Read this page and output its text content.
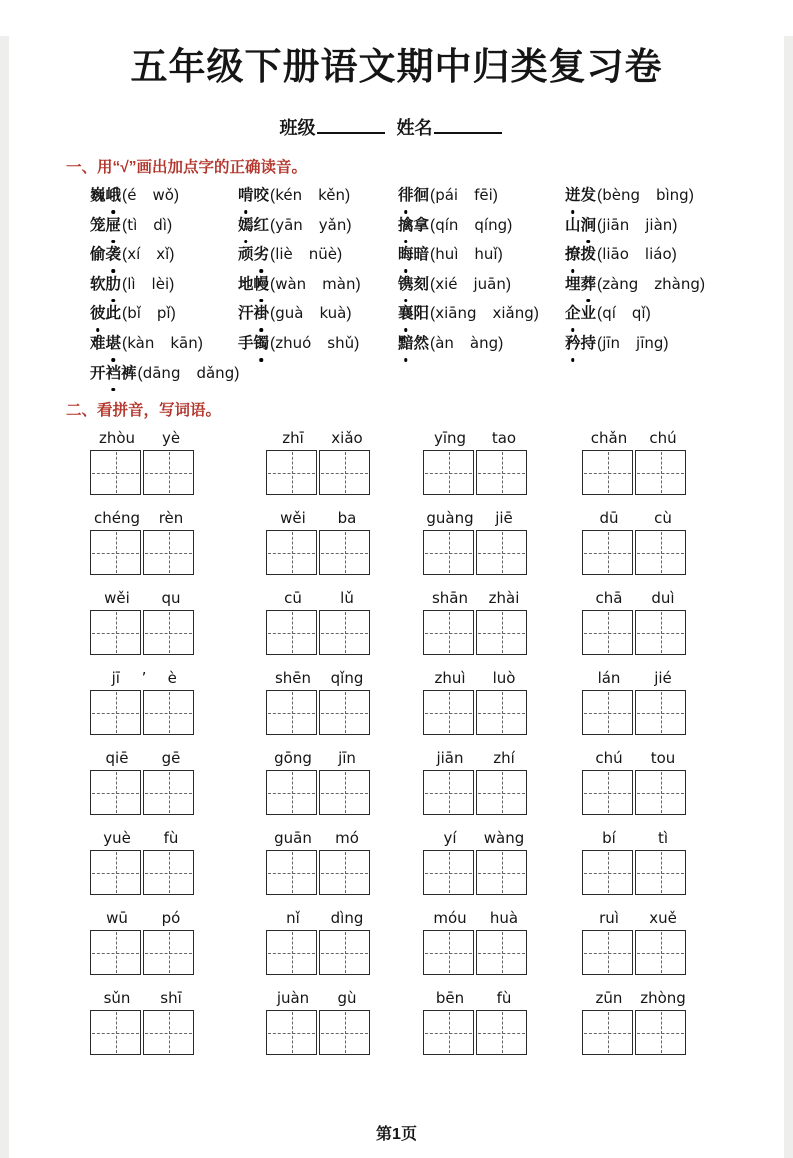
五年级下册语文期中归类复习卷
班级	姓名
一、用“√”画出加点字的正确读音。
巍峨(é wǒ)	啃咬(kén kěn)	徘徊(pái fēi)	迸发(bèng bìng)
笼屉(tì dì)	嫣红(yān yǎn)	擒拿(qín qíng)	山涧(jiān jiàn)
偷袭(xí xǐ)	顽劣(liè nüè)	晦暗(huì huǐ)	撩拨(liāo liáo)
软肋(lì lèi)	地幔(wàn màn)	镌刻(xié juān)	埋葬(zàng zhàng)
彼此(bǐ pǐ)	汗褂(guà kuà)	襄阳(xiāng xiǎng)	企业(qí qǐ)
难堪(kàn kān)	手镯(zhuó shǔ)	黯然(àn àng)	矜持(jīn jīng)
开裆裤(dāng dǎng)
二、看拼音，写词语。
zhòu	yè	zhī	xiǎo	yīng	tao	chǎn	chú
chéng	rèn	wěi	ba	guàng	jiē	dū	cù
wěi	qu	cū	lǔ	shān	zhài	chā	duì
jī	’	è	shēn	qǐng	zhuì	luò	lán	jié
qiē	gē	gōng	jīn	jiān	zhí	chú	tou
yuè	fù	guān	mó	yí	wàng	bí	tì
wū	pó	nǐ	dìng	móu	huà	ruì	xuě
sǔn	shī	juàn	gù	bēn	fù	zūn	zhòng
第1页
